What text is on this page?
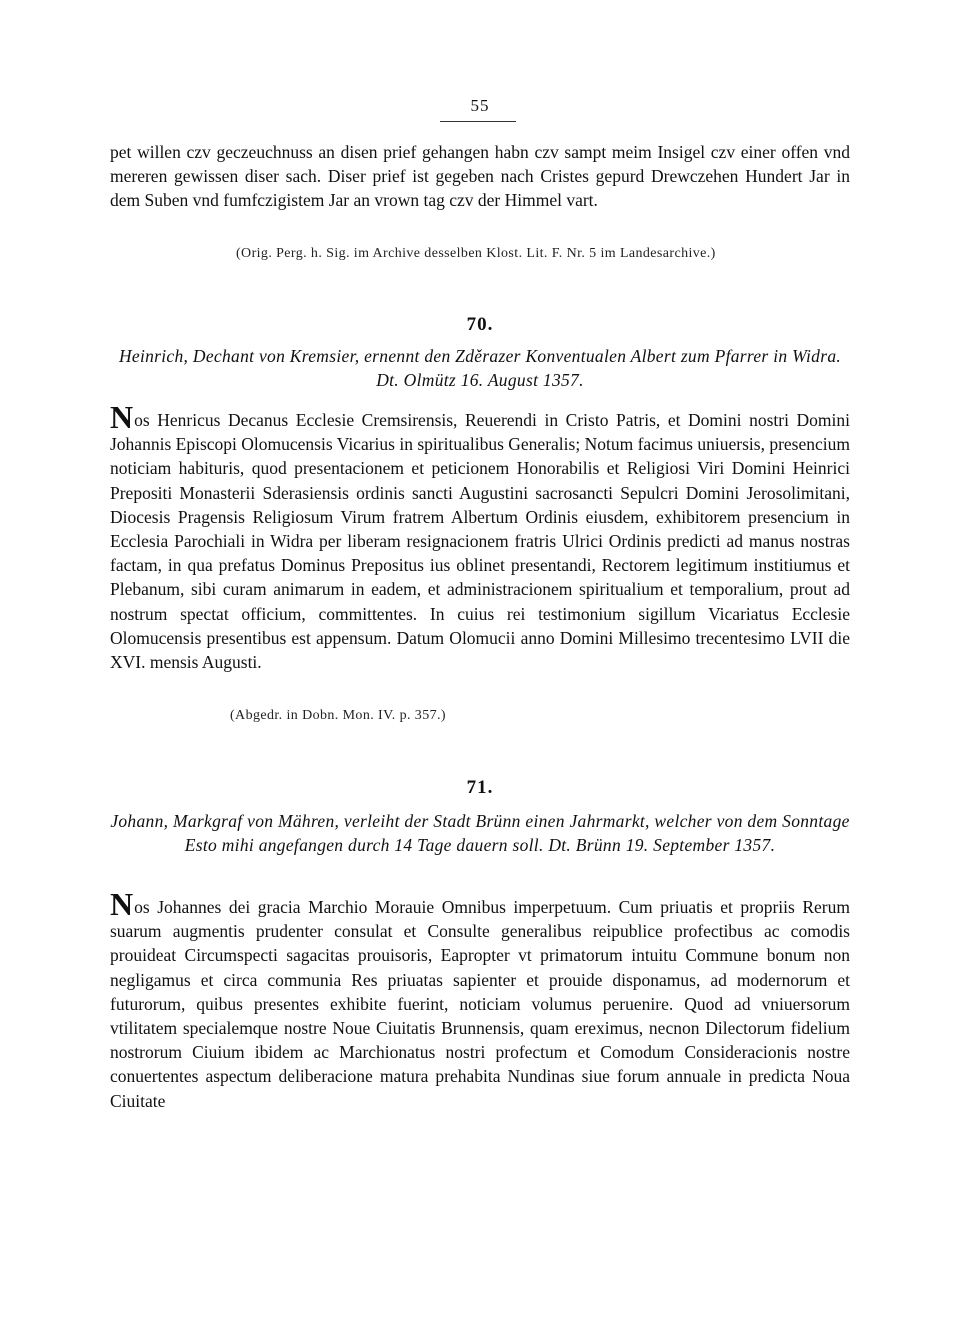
55

pet willen czv geczeuchnuss an disen prief gehangen habn czv sampt meim Insigel czv einer offen vnd mereren gewissen diser sach. Diser prief ist gegeben nach Cristes gepurd Drewczehen Hundert Jar in dem Suben vnd fumfczigistem Jar an vrown tag czv der Himmel vart.

(Orig. Perg. h. Sig. im Archive desselben Klost. Lit. F. Nr. 5 im Landesarchive.)
70.

Heinrich, Dechant von Kremsier, ernennt den Zděrazer Konventualen Albert zum Pfarrer in Widra. Dt. Olmütz 16. August 1357.

Nos Henricus Decanus Ecclesie Cremsirensis, Reuerendi in Cristo Patris, et Domini nostri Domini Johannis Episcopi Olomucensis Vicarius in spiritualibus Generalis; Notum facimus uniuersis, presencium noticiam habituris, quod presentacionem et peticionem Honorabilis et Religiosi Viri Domini Heinrici Prepositi Monasterii Sderasiensis ordinis sancti Augustini sacrosancti Sepulcri Domini Jerosolimitani, Diocesis Pragensis Religiosum Virum fratrem Albertum Ordinis eiusdem, exhibitorem presencium in Ecclesia Parochiali in Widra per liberam resignacionem fratris Ulrici Ordinis predicti ad manus nostras factam, in qua prefatus Dominus Prepositus ius oblinet presentandi, Rectorem legitimum institiumus et Plebanum, sibi curam animarum in eadem, et administracionem spiritualium et temporalium, prout ad nostrum spectat officium, committentes. In cuius rei testimonium sigillum Vicariatus Ecclesie Olomucensis presentibus est appensum. Datum Olomucii anno Domini Millesimo trecentesimo LVII die XVI. mensis Augusti.

(Abgedr. in Dobn. Mon. IV. p. 357.)
71.

Johann, Markgraf von Mähren, verleiht der Stadt Brünn einen Jahrmarkt, welcher von dem Sonntage Esto mihi angefangen durch 14 Tage dauern soll. Dt. Brünn 19. September 1357.

Nos Johannes dei gracia Marchio Morauie Omnibus imperpetuum. Cum priuatis et propriis Rerum suarum augmentis prudenter consulat et Consulte generalibus reipublice profectibus ac comodis prouideat Circumspecti sagacitas prouisoris, Eapropter vt primatorum intuitu Commune bonum non negligamus et circa communia Res priuatas sapienter et prouide disponamus, ad modernorum et futurorum, quibus presentes exhibite fuerint, noticiam volumus peruenire. Quod ad vniuersorum vtilitatem specialemque nostre Noue Ciuitatis Brunnensis, quam ereximus, necnon Dilectorum fidelium nostrorum Ciuium ibidem ac Marchionatus nostri profectum et Comodum Consideracionis nostre conuertentes aspectum deliberacione matura prehabita Nundinas siue forum annuale in predicta Noua Ciuitate
